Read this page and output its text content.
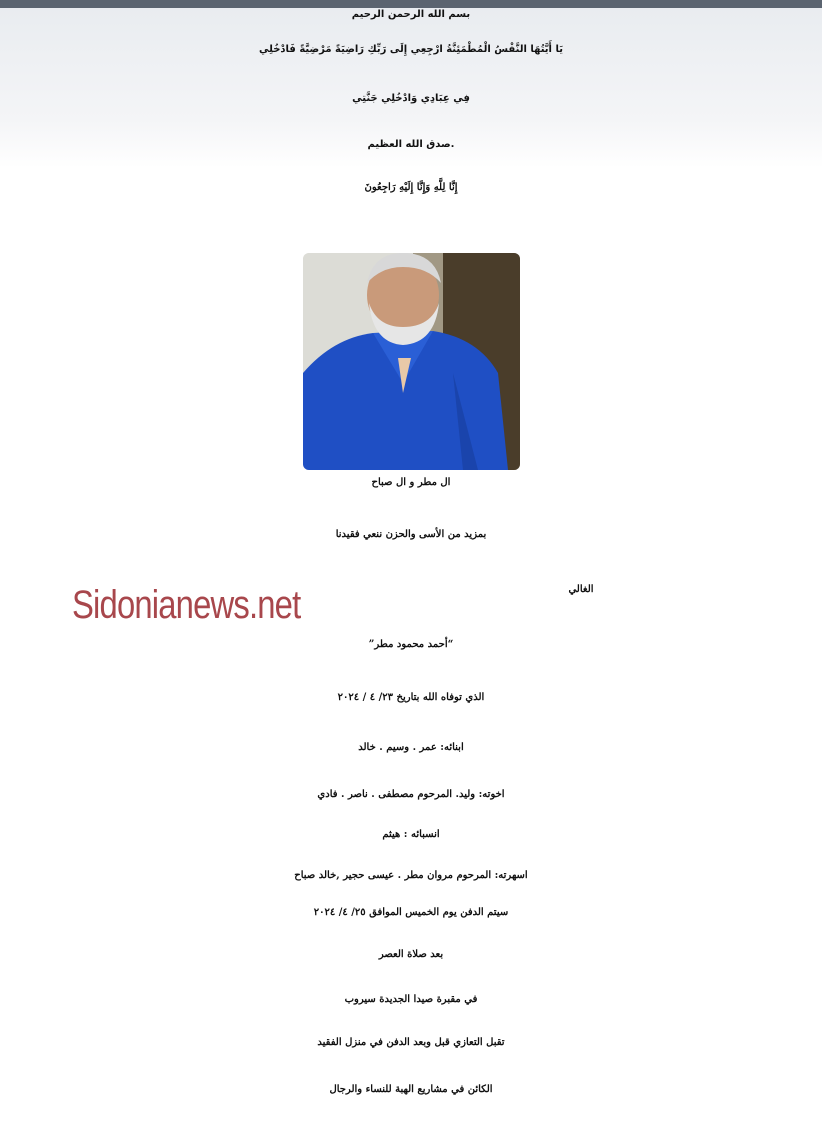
بسم الله الرحمن الرحيم
يَا أَيَّتُهَا النَّفْسُ الْمُطْمَئِنَّةُ ارْجِعِي إِلَى رَبِّكِ رَاضِيَةً مَرْضِيَّةً فَادْخُلِي
فِي عِبَادِي وَادْخُلِي جَنَّتِي
.صدق الله العظيم
إِنَّا لِلَّهِ وَإِنَّا إِلَيْهِ رَاجِعُونَ
ال مطر و ال صباح
بمزيد من الأسى والحزن ننعي فقيدنا
Sidonianews.net	الغالي
“أحمد محمود مطر”
الذي توفاه الله بتاريخ ٢٣/ ٤ / ٢٠٢٤
ابنائه: عمر . وسيم . خالد
اخوته: وليد. المرحوم مصطفى . ناصر . فادي
انسبائه : هيثم
اسهرته: المرحوم مروان مطر . عيسى حجير ,خالد صباح
سيتم الدفن يوم الخميس الموافق ٢٥/ ٤/ ٢٠٢٤
بعد صلاة العصر
في مقبرة صيدا الجديدة سيروب
تقبل التعازي قبل وبعد الدفن في منزل الفقيد
الكائن في مشاريع الهبة للنساء والرجال
